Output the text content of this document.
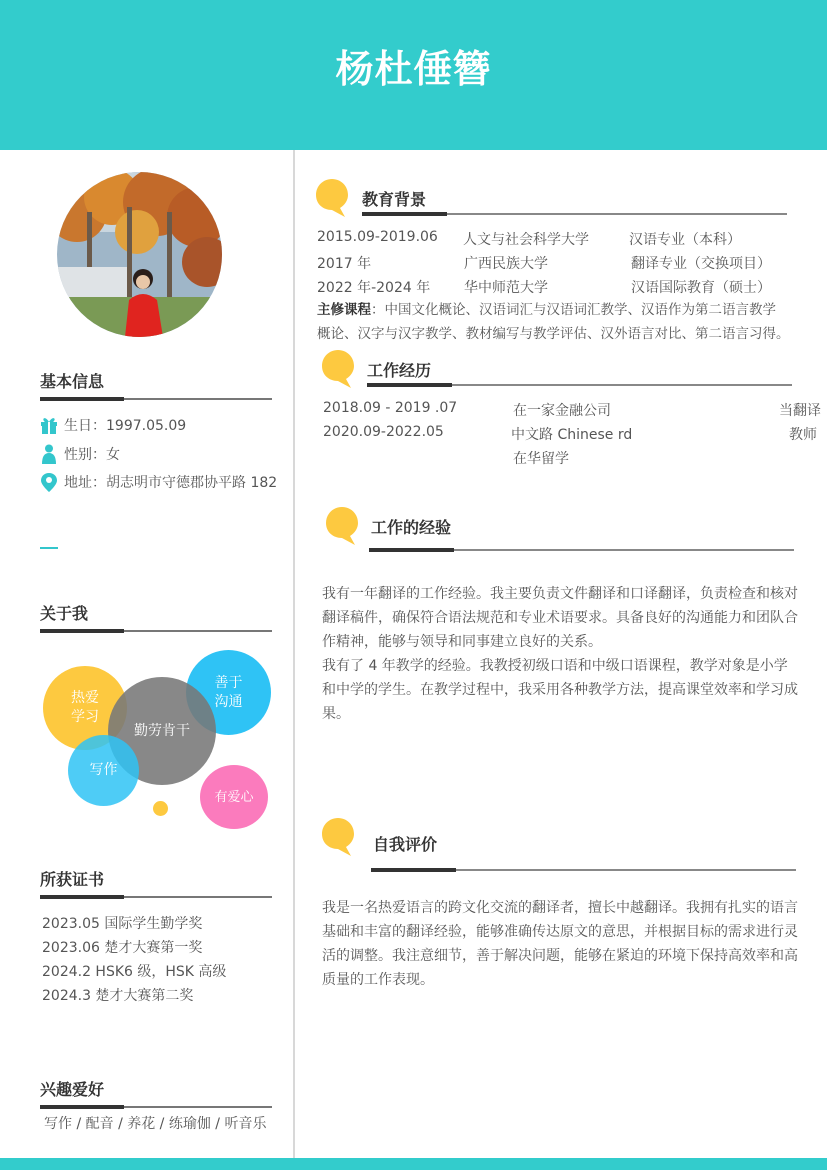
杨杜倕簪
基本信息
生日：1997.05.09
性别：女
地址：胡志明市守德郡协平路 182
关于我
热爱学习
善于沟通
勤劳肯干
写作
有爱心
所获证书
2023.05 国际学生勤学奖
2023.06 楚才大赛第一奖
2024.2 HSK6 级，HSK 高级
2024.3 楚才大赛第二奖
兴趣爱好
写作 / 配音 / 养花 / 练瑜伽 / 听音乐
教育背景
2015.09-2019.06 人文与社会科学大学	汉语专业（本科）
2017 年	广西民族大学	翻译专业（交换项目）
2022 年-2024 年 华中师范大学	汉语国际教育（硕士）
主修课程：中国文化概论、汉语词汇与汉语词汇教学、汉语作为第二语言教学
概论、汉字与汉字教学、教材编写与教学评估、汉外语言对比、第二语言习得。
工作经历
2018.09 - 2019 .07	在一家金融公司	当翻译
2020.09-2022.05	中文路 Chinese rd	教师
在华留学
工作的经验
我有一年翻译的工作经验。我主要负责文件翻译和口译翻译，负责检查和核对翻译稿件，确保符合语法规范和专业术语要求。具备良好的沟通能力和团队合作精神，能够与领导和同事建立良好的关系。
我有了 4 年教学的经验。我教授初级口语和中级口语课程，教学对象是小学和中学的学生。在教学过程中，我采用各种教学方法，提高课堂效率和学习成果。
自我评价
我是一名热爱语言的跨文化交流的翻译者，擅长中越翻译。我拥有扎实的语言基础和丰富的翻译经验，能够准确传达原文的意思，并根据目标的需求进行灵活的调整。我注意细节，善于解决问题，能够在紧迫的环境下保持高效率和高质量的工作表现。
